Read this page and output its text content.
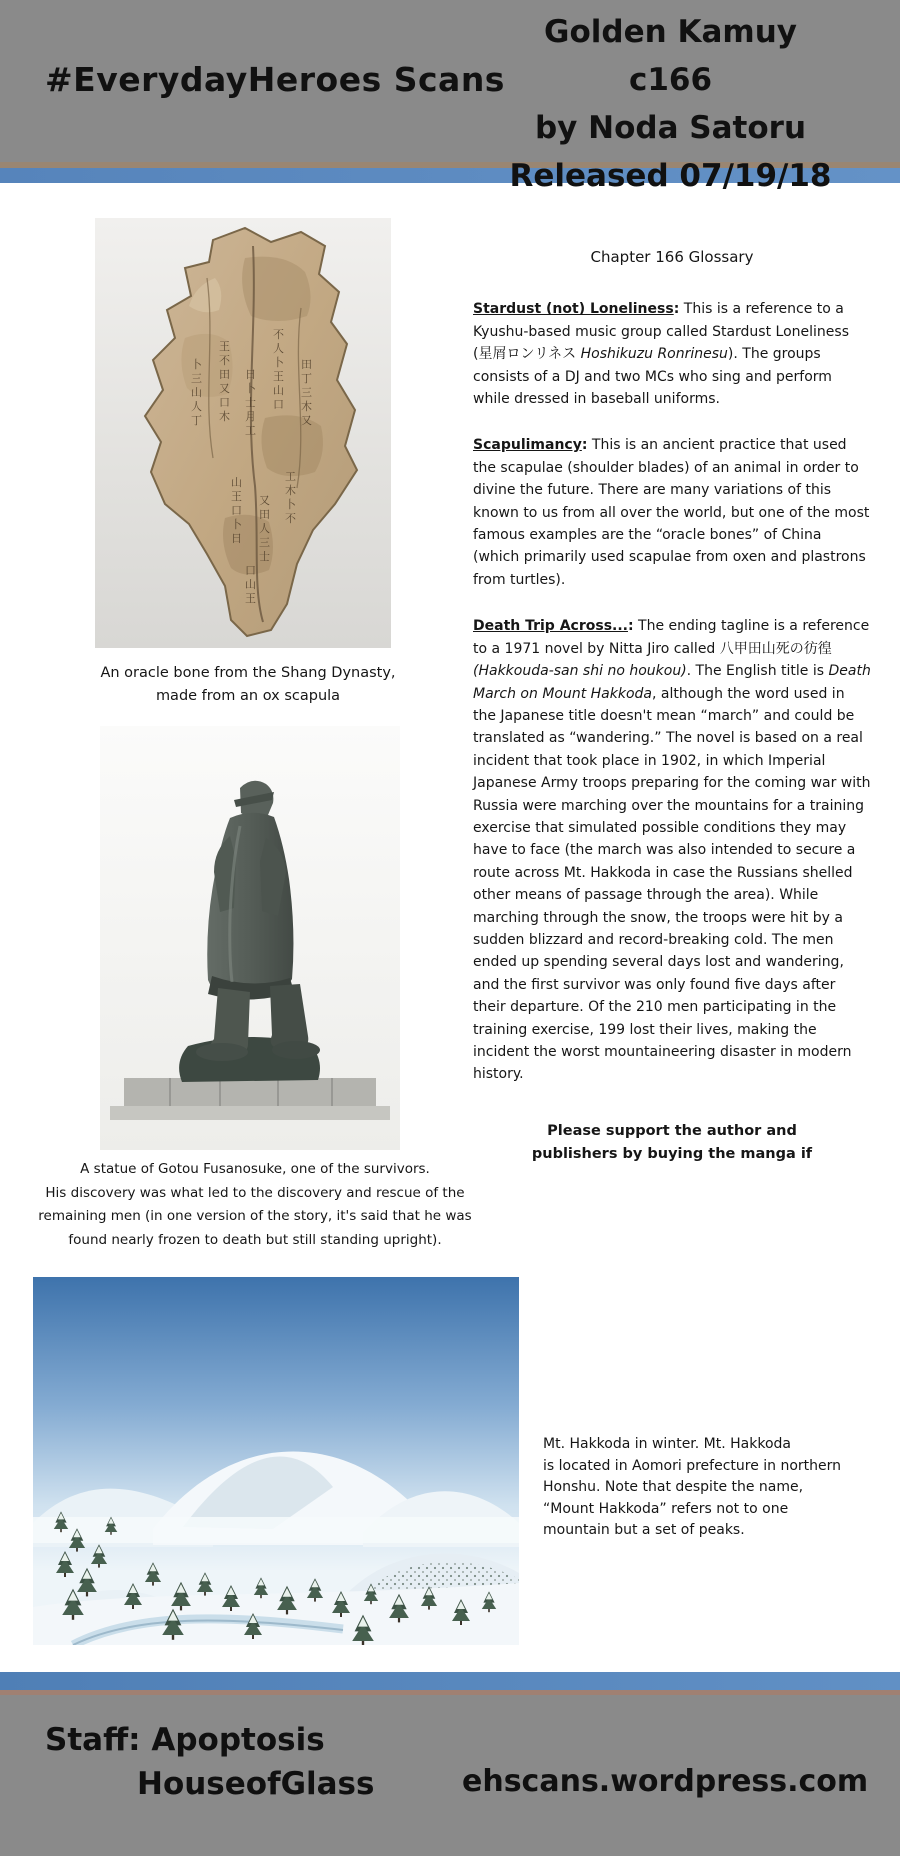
#EverydayHeroes Scans
Golden Kamuy c166
by Noda Satoru
Released 07/19/18
卜三山人丁
王不田又口木
日卜士月工
不人卜王山口
田丁三木又
山王口卜日
又田人三士
工木卜不
口山王
An oracle bone from the Shang Dynasty,
made from an ox scapula
A statue of Gotou Fusanosuke, one of the survivors.
His discovery was what led to the discovery and rescue of the
remaining men (in one version of the story, it's said that he was
found nearly frozen to death but still standing upright).
Mt. Hakkoda in winter. Mt. Hakkoda
is located in Aomori prefecture in northern
Honshu. Note that despite the name,
“Mount Hakkoda” refers not to one
mountain but a set of peaks.
Chapter 166 Glossary

Stardust (not) Loneliness: This is a reference to a Kyushu-based music group called Stardust Loneliness (星屑ロンリネス Hoshikuzu Ronrinesu). The groups consists of a DJ and two MCs who sing and perform while dressed in baseball uniforms.

Scapulimancy: This is an ancient practice that used the scapulae (shoulder blades) of an animal in order to divine the future. There are many variations of this known to us from all over the world, but one of the most famous examples are the “oracle bones” of China (which primarily used scapulae from oxen and plastrons from turtles).

Death Trip Across...: The ending tagline is a reference to a 1971 novel by Nitta Jiro called 八甲田山死の彷徨 (Hakkouda-san shi no houkou). The English title is Death March on Mount Hakkoda, although the word used in the Japanese title doesn't mean “march” and could be translated as “wandering.” The novel is based on a real incident that took place in 1902, in which Imperial Japanese Army troops preparing for the coming war with Russia were marching over the mountains for a training exercise that simulated possible conditions they may have to face (the march was also intended to secure a route across Mt. Hakkoda in case the Russians shelled other means of passage through the area). While marching through the snow, the troops were hit by a sudden blizzard and record-breaking cold. The men ended up spending several days lost and wandering, and the first survivor was only found five days after their departure. Of the 210 men participating in the training exercise, 199 lost their lives, making the incident the worst mountaineering disaster in modern history.

Please support the author and
publishers by buying the manga if
Staff: Apoptosis
HouseofGlass	ehscans.wordpress.com
